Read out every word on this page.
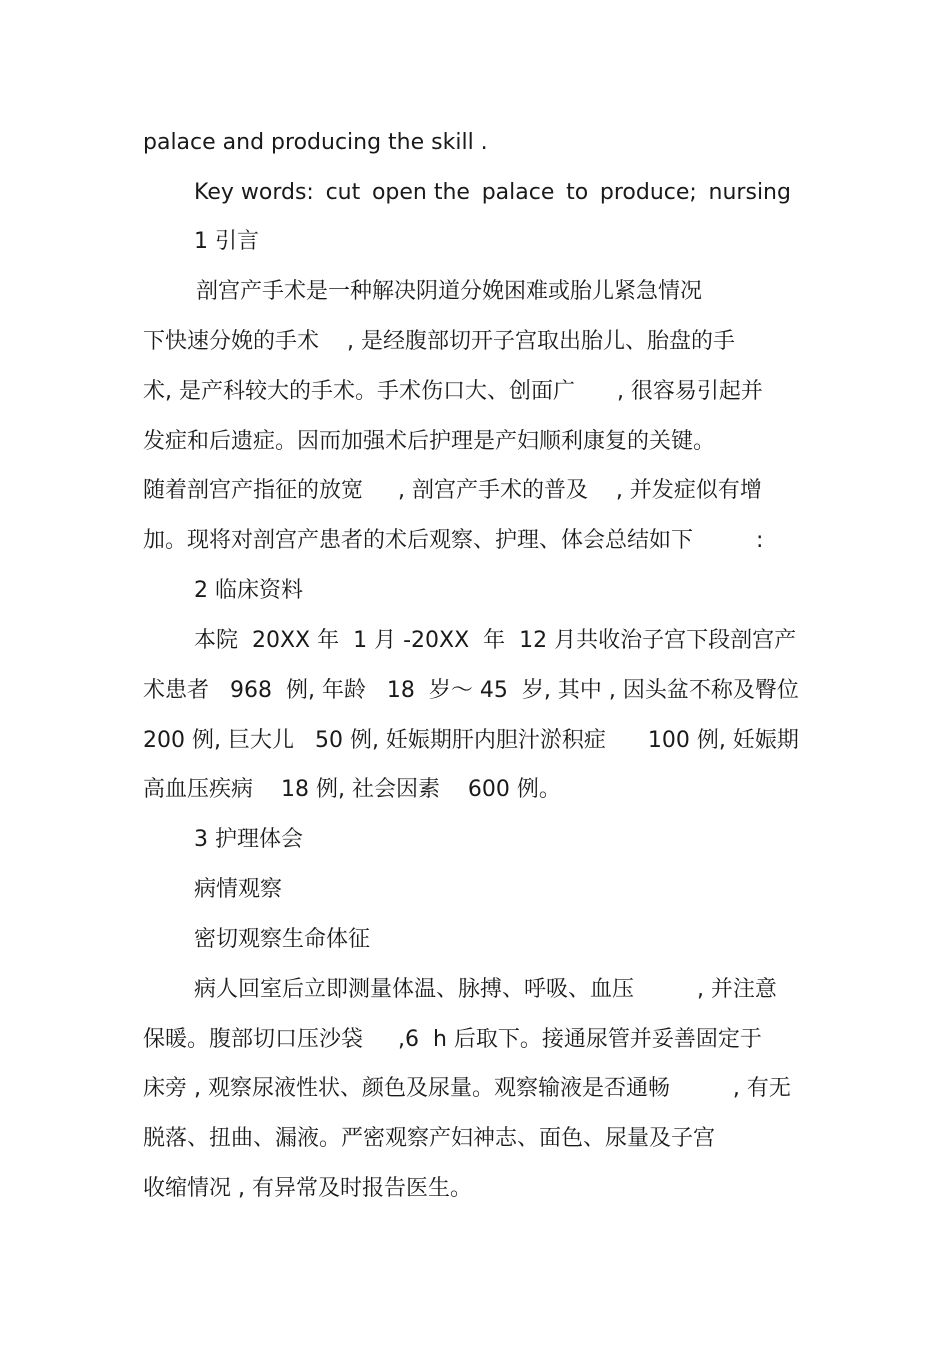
palace and producing the skill .

Key words: cut open the palace to produce; nursing

1 引言

剖宫产手术是一种解决阴道分娩困难或胎儿紧急情况

下快速分娩的手术    , 是经腹部切开子宫取出胎儿、胎盘的手

术, 是产科较大的手术。手术伤口大、创面广      , 很容易引起并

发症和后遗症。因而加强术后护理是产妇顺利康复的关键。

随着剖宫产指征的放宽     , 剖宫产手术的普及    , 并发症似有增

加。现将对剖宫产患者的术后观察、护理、体会总结如下         :

2 临床资料

本院  20XX 年  1 月 -20XX  年  12 月共收治子宫下段剖宫产

术患者   968  例, 年龄   18  岁～ 45  岁, 其中 , 因头盆不称及臀位

200 例, 巨大儿   50 例, 妊娠期肝内胆汁淤积症      100 例, 妊娠期

高血压疾病    18 例, 社会因素    600 例。

3 护理体会
病情观察
密切观察生命体征

病人回室后立即测量体温、脉搏、呼吸、血压         , 并注意

保暖。腹部切口压沙袋     ,6  h 后取下。接通尿管并妥善固定于

床旁 , 观察尿液性状、颜色及尿量。观察输液是否通畅         , 有无

脱落、扭曲、漏液。严密观察产妇神志、面色、尿量及子宫

收缩情况 , 有异常及时报告医生。
